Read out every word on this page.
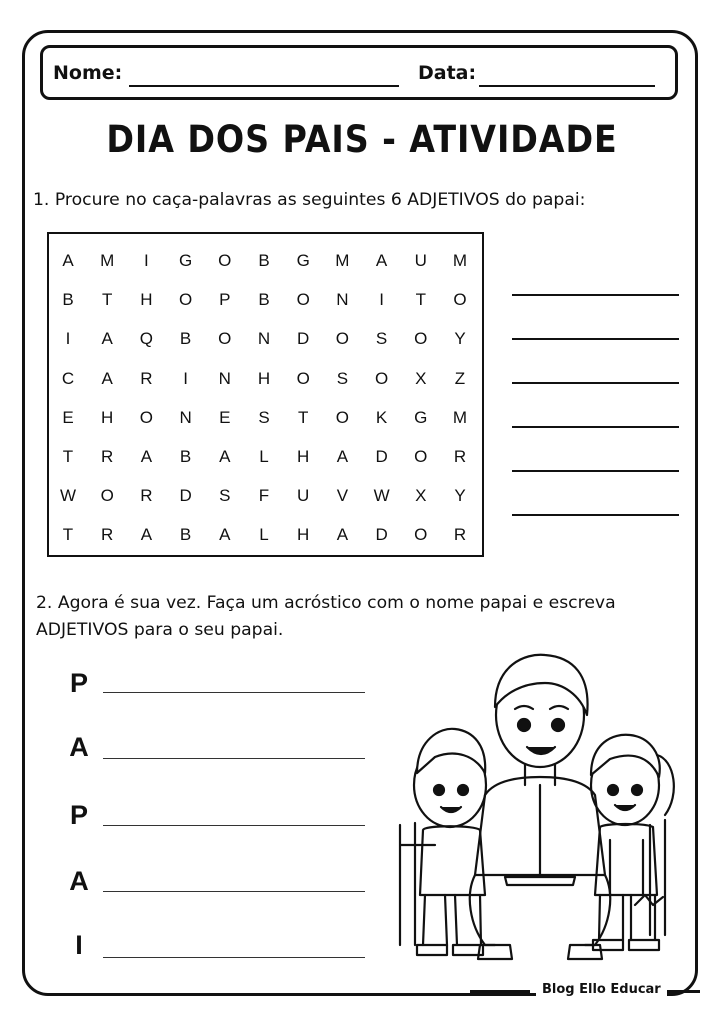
Nome:	Data:
DIA DOS PAIS - ATIVIDADE
1. Procure no caça-palavras as seguintes 6 ADJETIVOS do papai:
A	M	I	G	O	B	G	M	A	U	M
B	T	H	O	P	B	O	N	I	T	O
I	A	Q	B	O	N	D	O	S	O	Y
C	A	R	I	N	H	O	S	O	X	Z
E	H	O	N	E	S	T	O	K	G	M
T	R	A	B	A	L	H	A	D	O	R
W	O	R	D	S	F	U	V	W	X	Y
T	R	A	B	A	L	H	A	D	O	R
2. Agora é sua vez. Faça um acróstico com o nome papai e escreva ADJETIVOS para o seu papai.
P
A
P
A
I
Blog Ello Educar
